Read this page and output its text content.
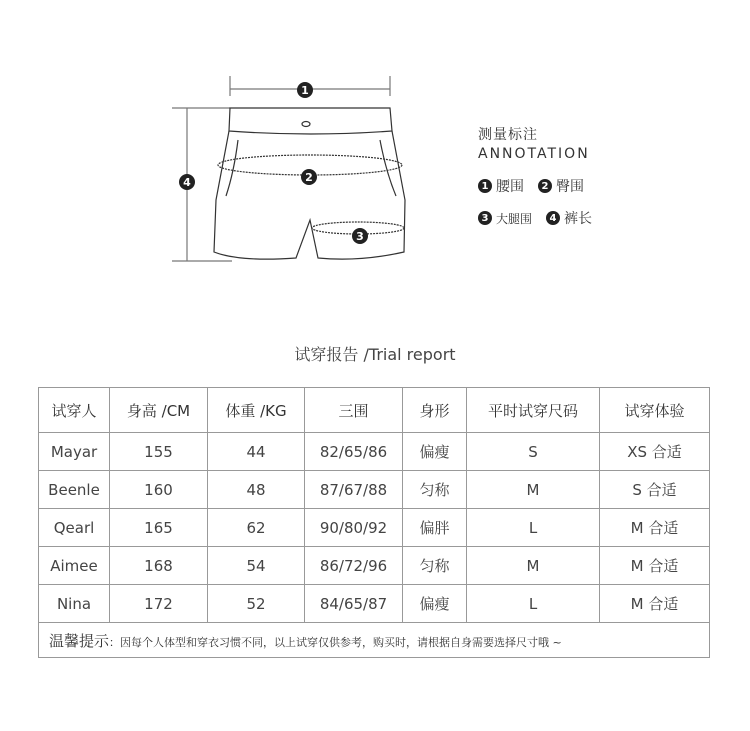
1
2
3
4
测量标注
ANNOTATION
1 腰围	2 臀围
3 大腿围	4 裤长
试穿报告 /Trial report
试穿人	身高 /CM	体重 /KG	三围	身形	平时试穿尺码	试穿体验
Mayar	155	44	82/65/86	偏瘦	S	XS 合适
Beenle	160	48	87/67/88	匀称	M	S 合适
Qearl	165	62	90/80/92	偏胖	L	M 合适
Aimee	168	54	86/72/96	匀称	M	M 合适
Nina	172	52	84/65/87	偏瘦	L	M 合适
温馨提示：因每个人体型和穿衣习惯不同，以上试穿仅供参考，购买时，请根据自身需要选择尺寸哦 ~						
